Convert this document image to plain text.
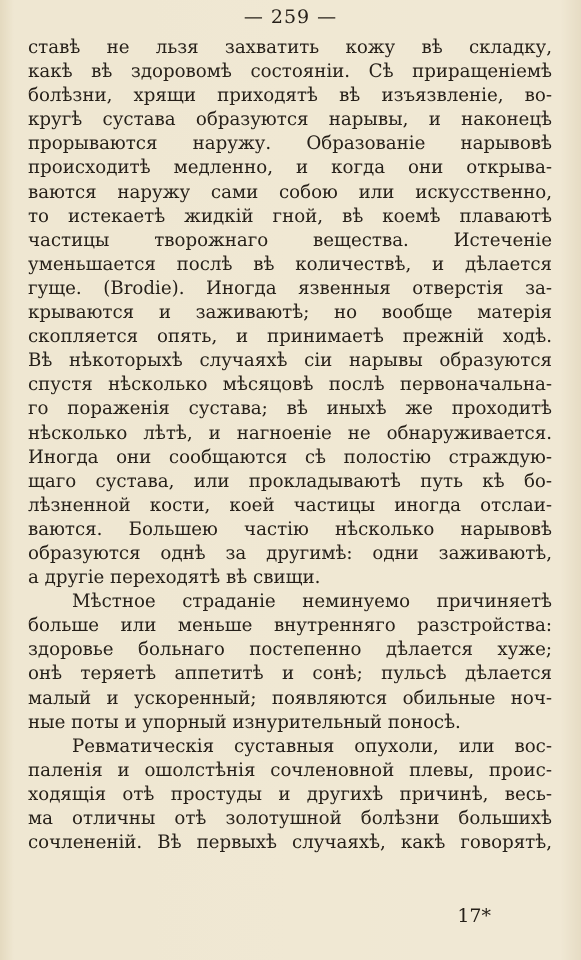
— 259 —
ставѣ не льзя захватить кожу вѣ складку,
какѣ вѣ здоровомѣ состояніи. Сѣ приращеніемѣ
болѣзни, хрящи приходятѣ вѣ изъязвленіе, во-
кругѣ сустава образуются нарывы, и наконецѣ
прорываются наружу. Образованіе нарывовѣ
происходитѣ медленно, и когда они открыва-
ваются наружу сами собою или искусственно,
то истекаетѣ жидкій гной, вѣ коемѣ плаваютѣ
частицы творожнаго вещества. Истеченіе
уменьшается послѣ вѣ количествѣ, и дѣлается
гуще. (Brodie). Иногда язвенныя отверстія за-
крываются и заживаютѣ; но вообще матерія
скопляется опять, и принимаетѣ прежній ходѣ.
Вѣ нѣкоторыхѣ случаяхѣ сіи нарывы образуются
спустя нѣсколько мѣсяцовѣ послѣ первоначальна-
го пораженія сустава; вѣ иныхѣ же проходитѣ
нѣсколько лѣтѣ, и нагноеніе не обнаруживается.
Иногда они сообщаются сѣ полостію страждую-
щаго сустава, или прокладываютѣ путь кѣ бо-
лѣзненной кости, коей частицы иногда отслаи-
ваются. Большею частію нѣсколько нарывовѣ
образуются однѣ за другимѣ: одни заживаютѣ,
а другіе переходятѣ вѣ свищи.
Мѣстное страданіе неминуемо причиняетѣ
больше или меньше внутренняго разстройства:
здоровье больнаго постепенно дѣлается хуже;
онѣ теряетѣ аппетитѣ и сонѣ; пульсѣ дѣлается
малый и ускоренный; появляются обильные ноч-
ные поты и упорный изнурительный поносѣ.
Ревматическія суставныя опухоли, или вос-
паленія и ошолстѣнія сочленовной плевы, проис-
ходящія отѣ простуды и другихѣ причинѣ, весь-
ма отличны отѣ золотушной болѣзни большихѣ
сочлененій. Вѣ первыхѣ случаяхѣ, какѣ говорятѣ,
17*
